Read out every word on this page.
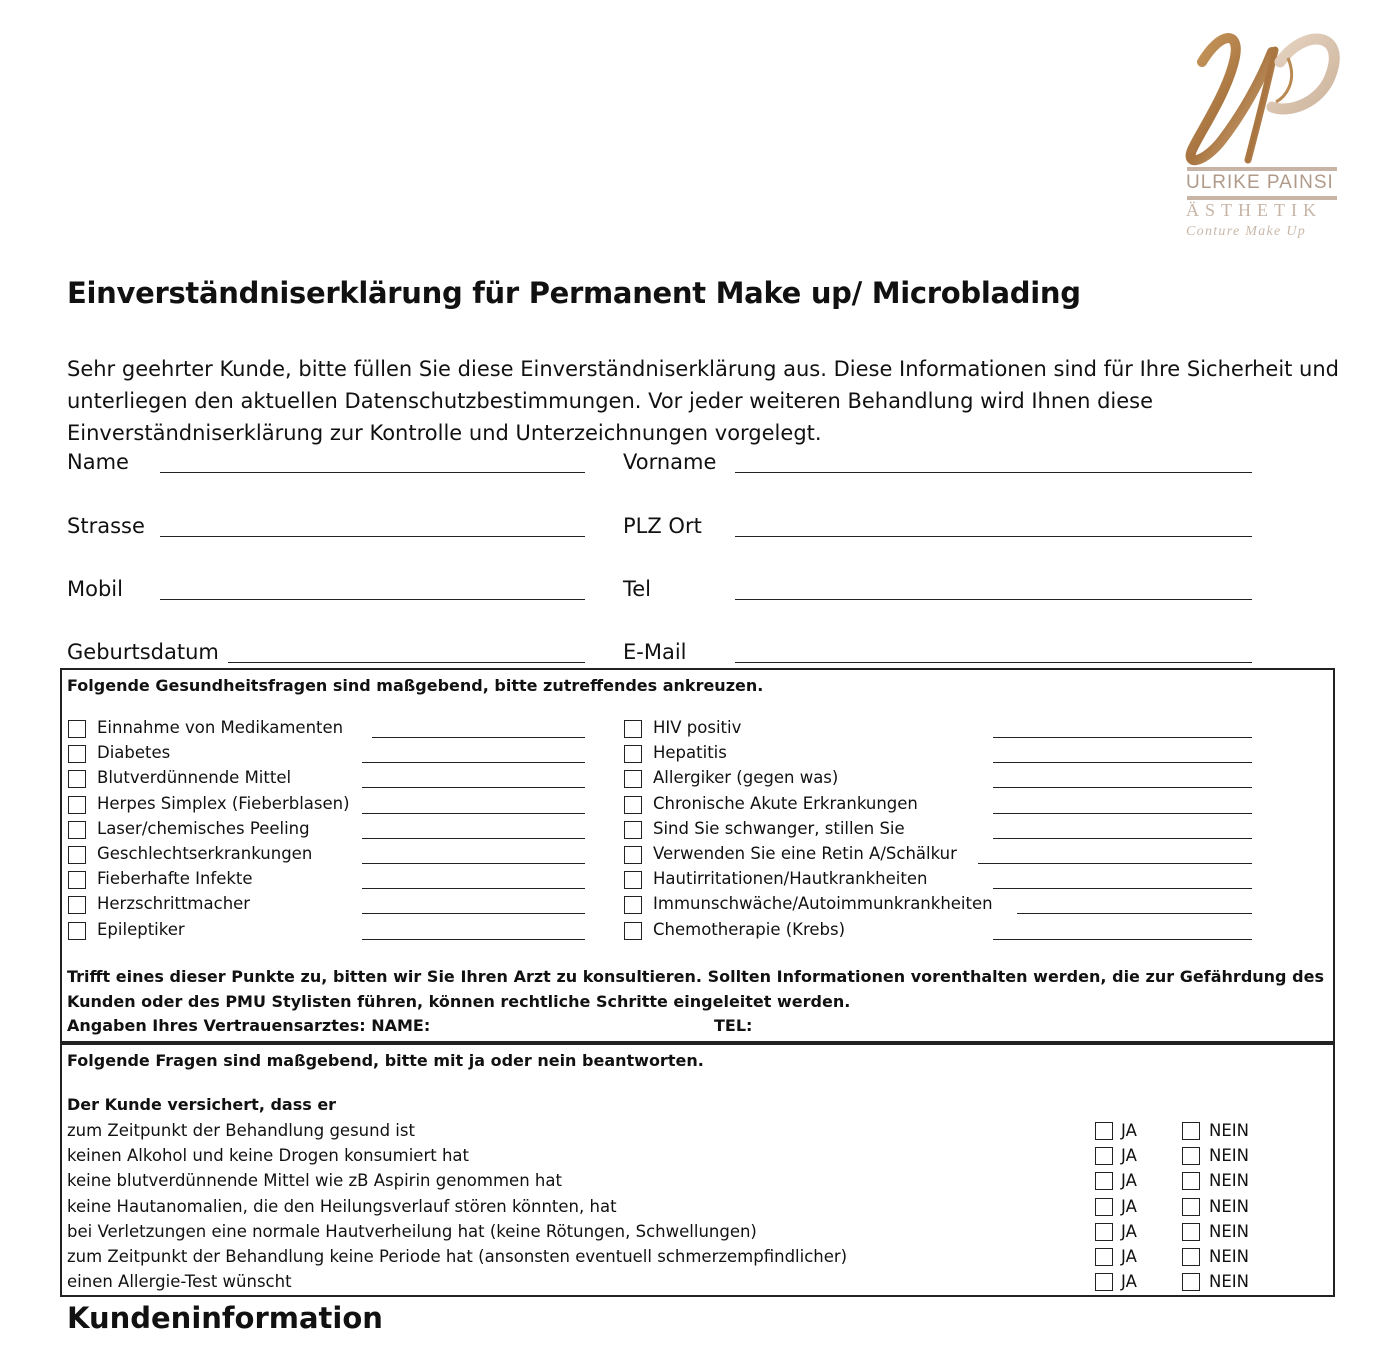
ULRIKE PAINSI
ÄSTHETIK
Conture Make Up
Einverständniserklärung für Permanent Make up/ Microblading

Sehr geehrter Kunde, bitte füllen Sie diese Einverständniserklärung aus. Diese Informationen sind für Ihre Sicherheit und unterliegen den aktuellen Datenschutzbestimmungen. Vor jeder weiteren Behandlung wird Ihnen diese Einverständniserklärung zur Kontrolle und Unterzeichnungen vorgelegt.

Name	Vorname
Strasse	PLZ Ort
Mobil	Tel
Geburtsdatum	E-Mail
Folgende Gesundheitsfragen sind maßgebend, bitte zutreffendes ankreuzen.
Einnahme von Medikamenten
Diabetes
Blutverdünnende Mittel
Herpes Simplex (Fieberblasen)
Laser/chemisches Peeling
Geschlechtserkrankungen
Fieberhafte Infekte
Herzschrittmacher
Epileptiker
HIV positiv
Hepatitis
Allergiker (gegen was)
Chronische Akute Erkrankungen
Sind Sie schwanger, stillen Sie
Verwenden Sie eine Retin A/Schälkur
Hautirritationen/Hautkrankheiten
Immunschwäche/Autoimmunkrankheiten
Chemotherapie (Krebs)
Trifft eines dieser Punkte zu, bitten wir Sie Ihren Arzt zu konsultieren. Sollten Informationen vorenthalten werden, die zur Gefährdung des Kunden oder des PMU Stylisten führen, können rechtliche Schritte eingeleitet werden.
Angaben Ihres Vertrauensarztes: NAME:	TEL:
Folgende Fragen sind maßgebend, bitte mit ja oder nein beantworten.
Der Kunde versichert, dass er
zum Zeitpunkt der Behandlung gesund ist	JA	NEIN
keinen Alkohol und keine Drogen konsumiert hat	JA	NEIN
keine blutverdünnende Mittel wie zB Aspirin genommen hat	JA	NEIN
keine Hautanomalien, die den Heilungsverlauf stören könnten, hat	JA	NEIN
bei Verletzungen eine normale Hautverheilung hat (keine Rötungen, Schwellungen)	JA	NEIN
zum Zeitpunkt der Behandlung keine Periode hat (ansonsten eventuell schmerzempfindlicher)	JA	NEIN
einen Allergie-Test wünscht	JA	NEIN
Kundeninformation
